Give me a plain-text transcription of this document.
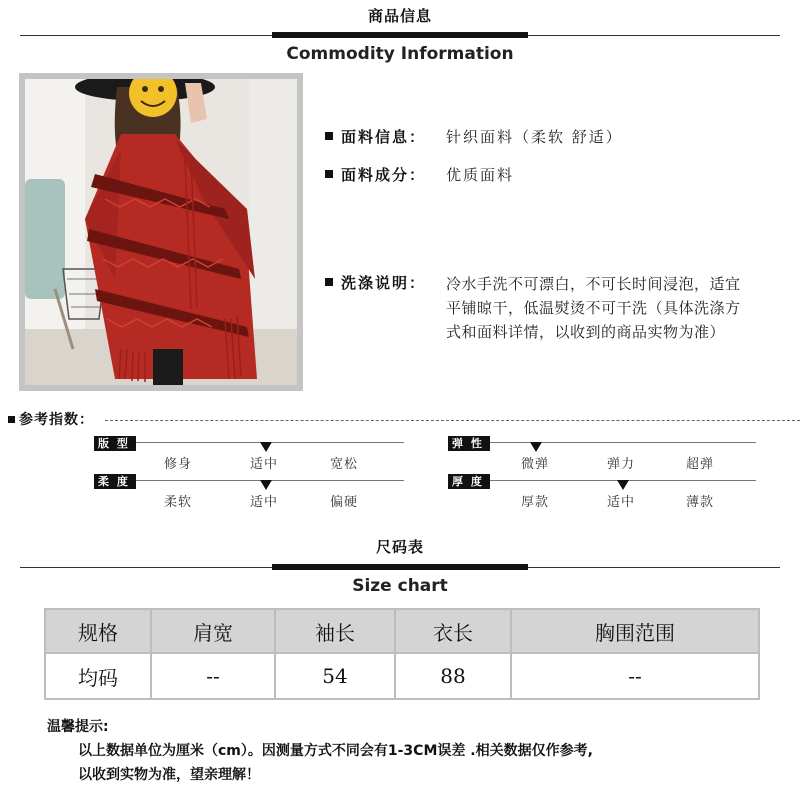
商品信息
Commodity Information
面料信息： 针织面料（柔软 舒适）
面料成分： 优质面料
洗涤说明： 冷水手洗不可漂白，不可长时间浸泡，适宜
平铺晾干，低温熨烫不可干洗（具体洗涤方
式和面料详情，以收到的商品实物为准）
参考指数：
版 型
修身	适中	宽松
柔 度
柔软	适中	偏硬
弹 性
微弹	弹力	超弹
厚 度
厚款	适中	薄款
尺码表
Size chart
规格	肩宽	袖长	衣长	胸围范围
均码	--	54	88	--
温馨提示:
以上数据单位为厘米（cm）。因测量方式不同会有1-3CM误差 .相关数据仅作参考,
以收到实物为准，望亲理解！
